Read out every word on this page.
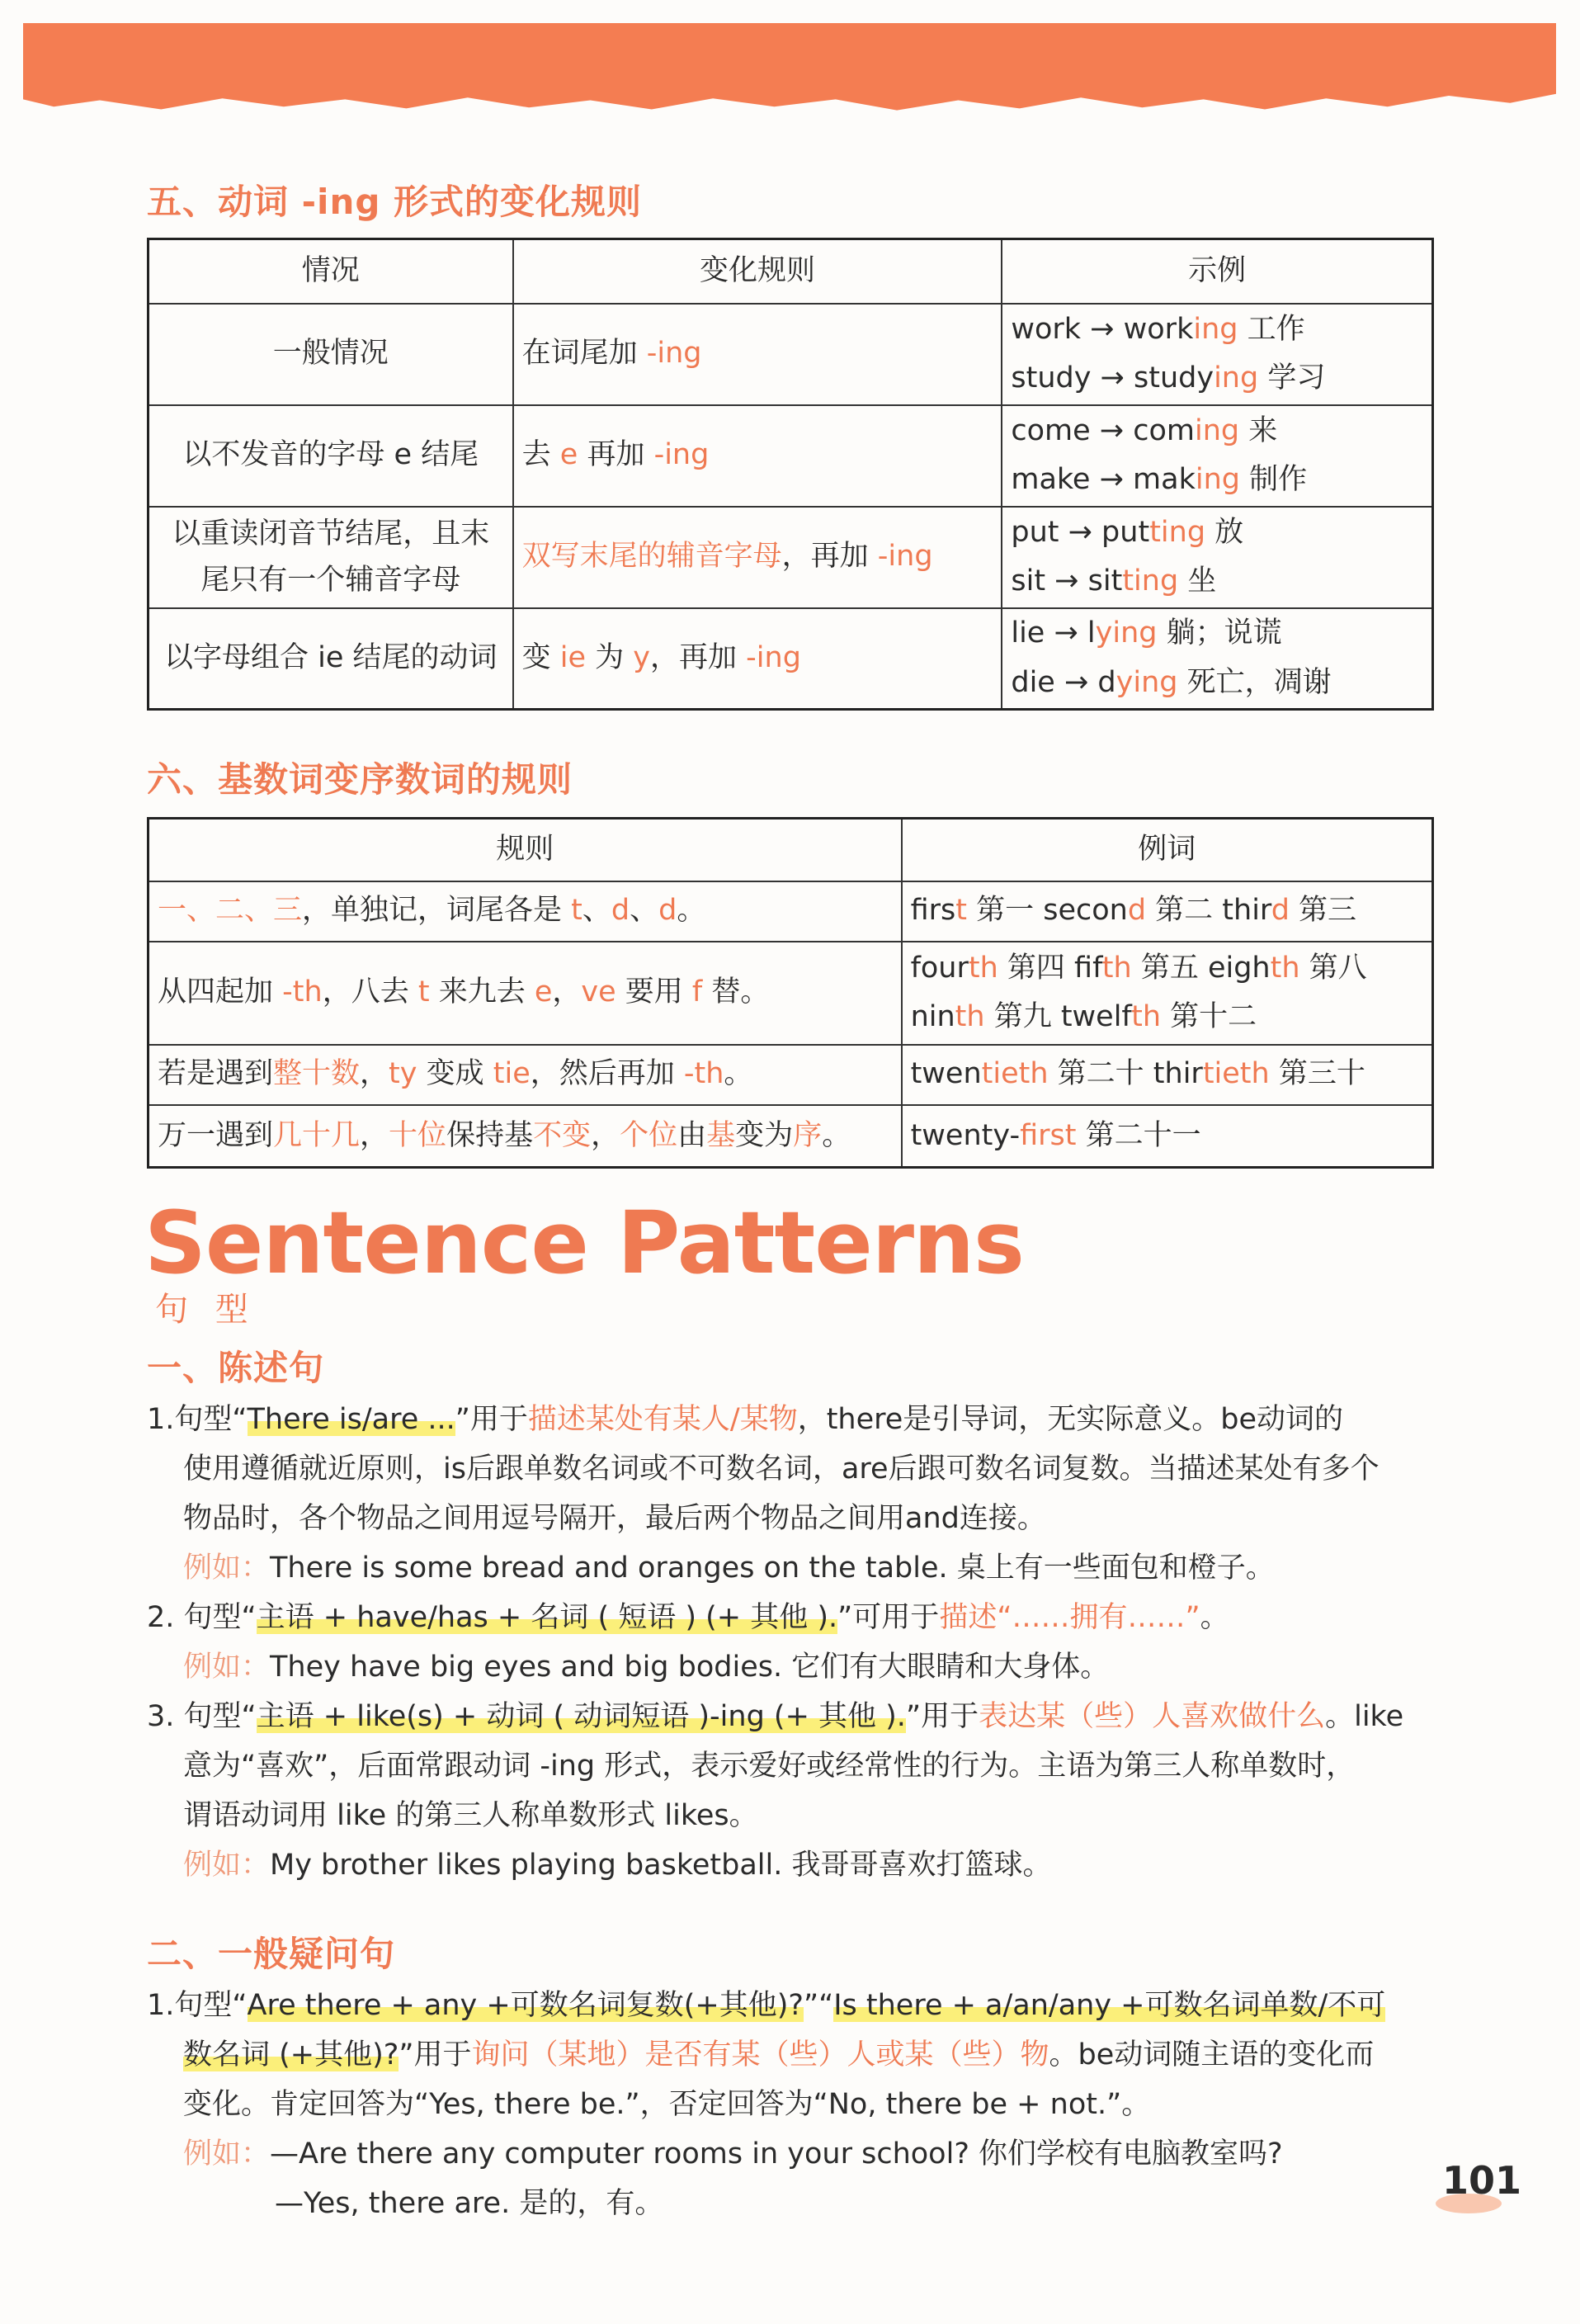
五、动词 -ing 形式的变化规则
情况	变化规则	示例
一般情况	在词尾加 -ing	work → working 工作
study → studying 学习

以不发音的字母 e 结尾	去 e 再加 -ing	come → coming 来
make → making 制作

以重读闭音节结尾，且末尾只有一个辅音字母	双写末尾的辅音字母，再加 -ing	put → putting 放
sit → sitting 坐

以字母组合 ie 结尾的动词	变 ie 为 y，再加 -ing	lie → lying 躺；说谎
die → dying 死亡，凋谢
六、基数词变序数词的规则
规则	例词
一、二、三，单独记，词尾各是 t、d、d。	first 第一 second 第二 third 第三

从四起加 -th，八去 t 来九去 e，ve 要用 f 替。	fourth 第四 fifth 第五 eighth 第八
ninth 第九 twelfth 第十二

若是遇到整十数，ty 变成 tie，然后再加 -th。	twentieth 第二十 thirtieth 第三十

万一遇到几十几，十位保持基不变，个位由基变为序。	twenty-first 第二十一
Sentence Patterns
句 型
一、陈述句
1.句型“There is/are ...”用于描述某处有某人/某物，there是引导词，无实际意义。be动词的
使用遵循就近原则，is后跟单数名词或不可数名词，are后跟可数名词复数。当描述某处有多个
物品时，各个物品之间用逗号隔开，最后两个物品之间用and连接。
例如：There is some bread and oranges on the table. 桌上有一些面包和橙子。
2. 句型“主语 + have/has + 名词 ( 短语 ) (+ 其他 ).”可用于描述“……拥有……”。
例如：They have big eyes and big bodies. 它们有大眼睛和大身体。
3. 句型“主语 + like(s) + 动词 ( 动词短语 )-ing (+ 其他 ).”用于表达某（些）人喜欢做什么。like
意为“喜欢”，后面常跟动词 -ing 形式，表示爱好或经常性的行为。主语为第三人称单数时，
谓语动词用 like 的第三人称单数形式 likes。
例如：My brother likes playing basketball. 我哥哥喜欢打篮球。
二、一般疑问句
1.句型“Are there + any +可数名词复数(+其他)?”“Is there + a/an/any +可数名词单数/不可
数名词 (+其他)?”用于询问（某地）是否有某（些）人或某（些）物。be动词随主语的变化而
变化。肯定回答为“Yes, there be.”，否定回答为“No, there be + not.”。
例如：—Are there any computer rooms in your school? 你们学校有电脑教室吗?
—Yes, there are. 是的，有。
101
